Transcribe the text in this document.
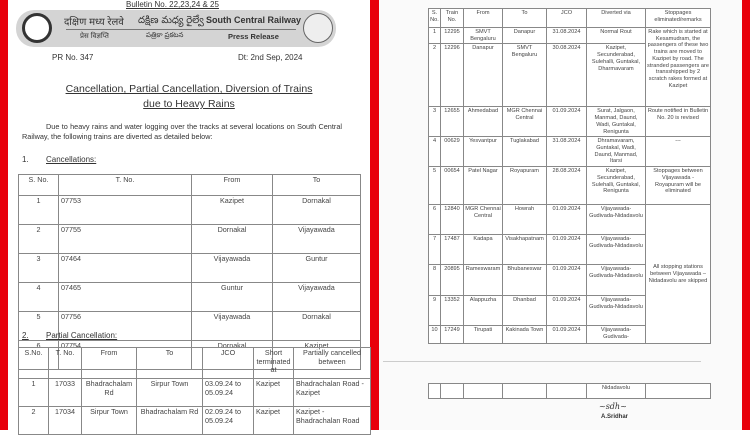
Bulletin No. 22,23,24 & 25
दक्षिण मध्य रेलवे దక్షిణ మధ్య రైల్వే South Central Railway
प्रेस विज्ञप्ति	పత్రికా ప్రకటన	Press Release
PR No. 347	Dt: 2nd Sep, 2024
Cancellation, Partial Cancellation, Diversion of Trains
due to Heavy Rains
Due to heavy rains and water logging over the tracks at several locations on South Central Railway, the following trains are diverted as detailed below:
1. Cancellations:
S. No.	T. No.	From	To	
1	07753	Kazipet	Dornakal	
2	07755	Dornakal	Vijayawada	
3	07464	Vijayawada	Guntur	
4	07465	Guntur	Vijayawada	
5	07756	Vijayawada	Dornakal	
6	07754	Dornakal	Kazipet	
2. Partial Cancellation:
S.No.	T. No.	From	To	JCO	Short terminated at	Partially cancelled between
1	17033	Bhadrachalam Rd	Sirpur Town	03.09.24 to 05.09.24	Kazipet	Bhadrachalan Road - Kazipet
2	17034	Sirpur Town	Bhadrachalam Rd	02.09.24 to 05.09.24	Kazipet	Kazipet - Bhadrachalan Road
S. No.	Train No.	From	To	JCO	Diverted via	Stoppages eliminated/remarks
1	12295	SMVT Bengaluru	Danapur	31.08.2024	Normal Rout	Rake which is started at Kesamudram, the passengers of these two trains are moved to Kazipet by road. The stranded passengers are transshipped by 2 scratch rakes formed at Kazipet
2	12296	Danapur	SMVT Bengaluru	30.08.2024	Kazipet, Secunderabad, Sulehalli, Guntakal, Dharmavaram	
3	12655	Ahmedabad	MGR Chennai Central	01.09.2024	Surat, Jalgaon, Manmad, Daund, Wadi, Guntakal, Renigunta	Route notified in Bulletin No. 20 is revised
4	00629	Yesvantpur	Tuglakabad	31.08.2024	Dhramavaram, Guntakal, Wadi, Daund, Manmad, Itarsi	---
5	00654	Patel Nagar	Royapuram	28.08.2024	Kazipet, Secunderabad, Sulehalli, Guntakal, Renigunta	Stoppages between Vijayawada - Royapuram will be eliminated
6	12840	MGR Chennai Central	Howrah	01.09.2024	Vijayawada-Gudivada-Nidadavolu	All stopping stations between Vijayawada – Nidadavolu are skipped
7	17487	Kadapa	Visakhapatnam	01.09.2024	Vijayawada-Gudivada-Nidadavolu	
8	20895	Rameswaram	Bhubaneswar	01.09.2024	Vijayawada-Gudivada-Nidadavolu	
9	13352	Alappuzha	Dhanbad	01.09.2024	Vijayawada-Gudivada-Nidadavolu	
10	17249	Tirupati	Kakinada Town	01.09.2024	Vijayawada-Gudivada-	
					Nidadavolu	
~sdh~
A.Sridhar
